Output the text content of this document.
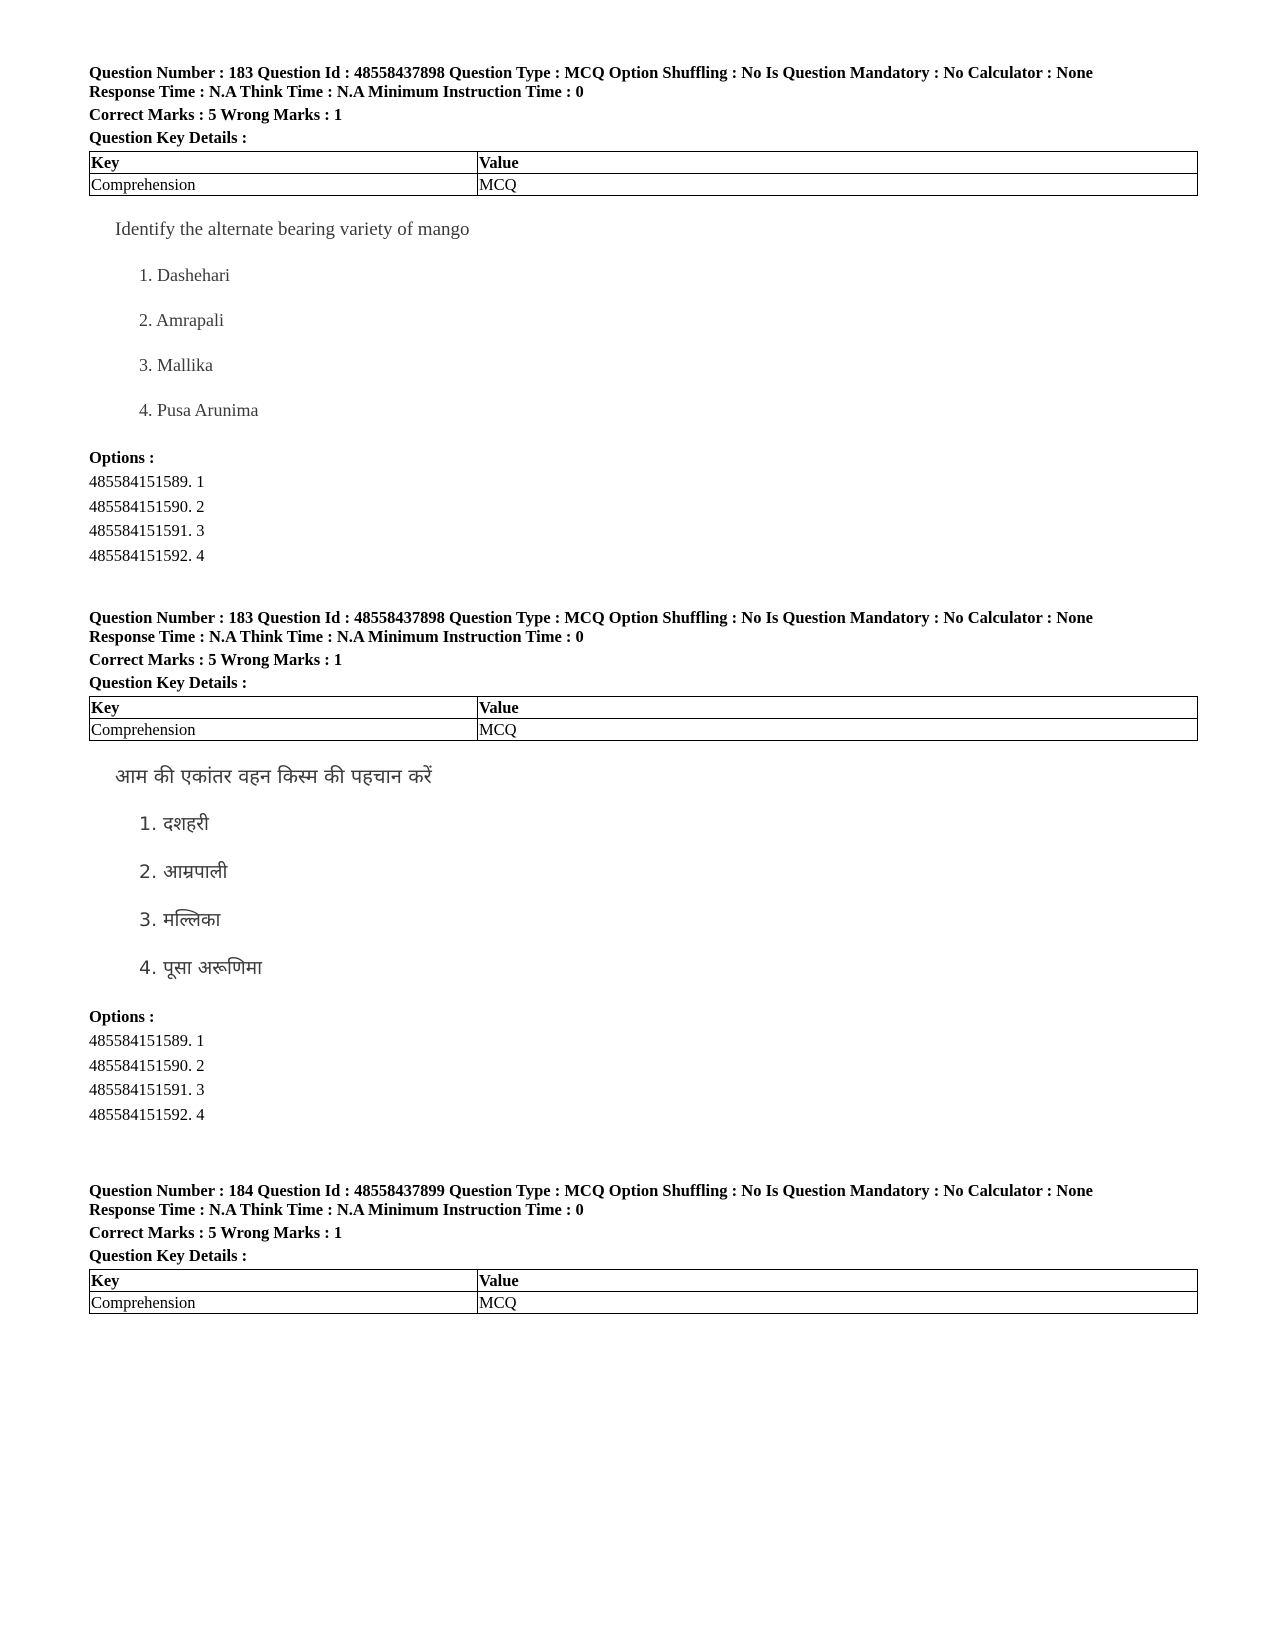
Question Number : 183 Question Id : 48558437898 Question Type : MCQ Option Shuffling : No Is Question Mandatory : No Calculator : None
Response Time : N.A Think Time : N.A Minimum Instruction Time : 0
Correct Marks : 5 Wrong Marks : 1
Question Key Details :
Key	Value
Comprehension	MCQ
Identify the alternate bearing variety of mango
1. Dashehari
2. Amrapali
3. Mallika
4. Pusa Arunima
Options :
485584151589. 1
485584151590. 2
485584151591. 3
485584151592. 4
Question Number : 183 Question Id : 48558437898 Question Type : MCQ Option Shuffling : No Is Question Mandatory : No Calculator : None
Response Time : N.A Think Time : N.A Minimum Instruction Time : 0
Correct Marks : 5 Wrong Marks : 1
Question Key Details :
Key	Value
Comprehension	MCQ
आम की एकांतर वहन किस्म की पहचान करें
1. दशहरी
2. आम्रपाली
3. मल्लिका
4. पूसा अरूणिमा
Options :
485584151589. 1
485584151590. 2
485584151591. 3
485584151592. 4
Question Number : 184 Question Id : 48558437899 Question Type : MCQ Option Shuffling : No Is Question Mandatory : No Calculator : None
Response Time : N.A Think Time : N.A Minimum Instruction Time : 0
Correct Marks : 5 Wrong Marks : 1
Question Key Details :
Key	Value
Comprehension	MCQ
